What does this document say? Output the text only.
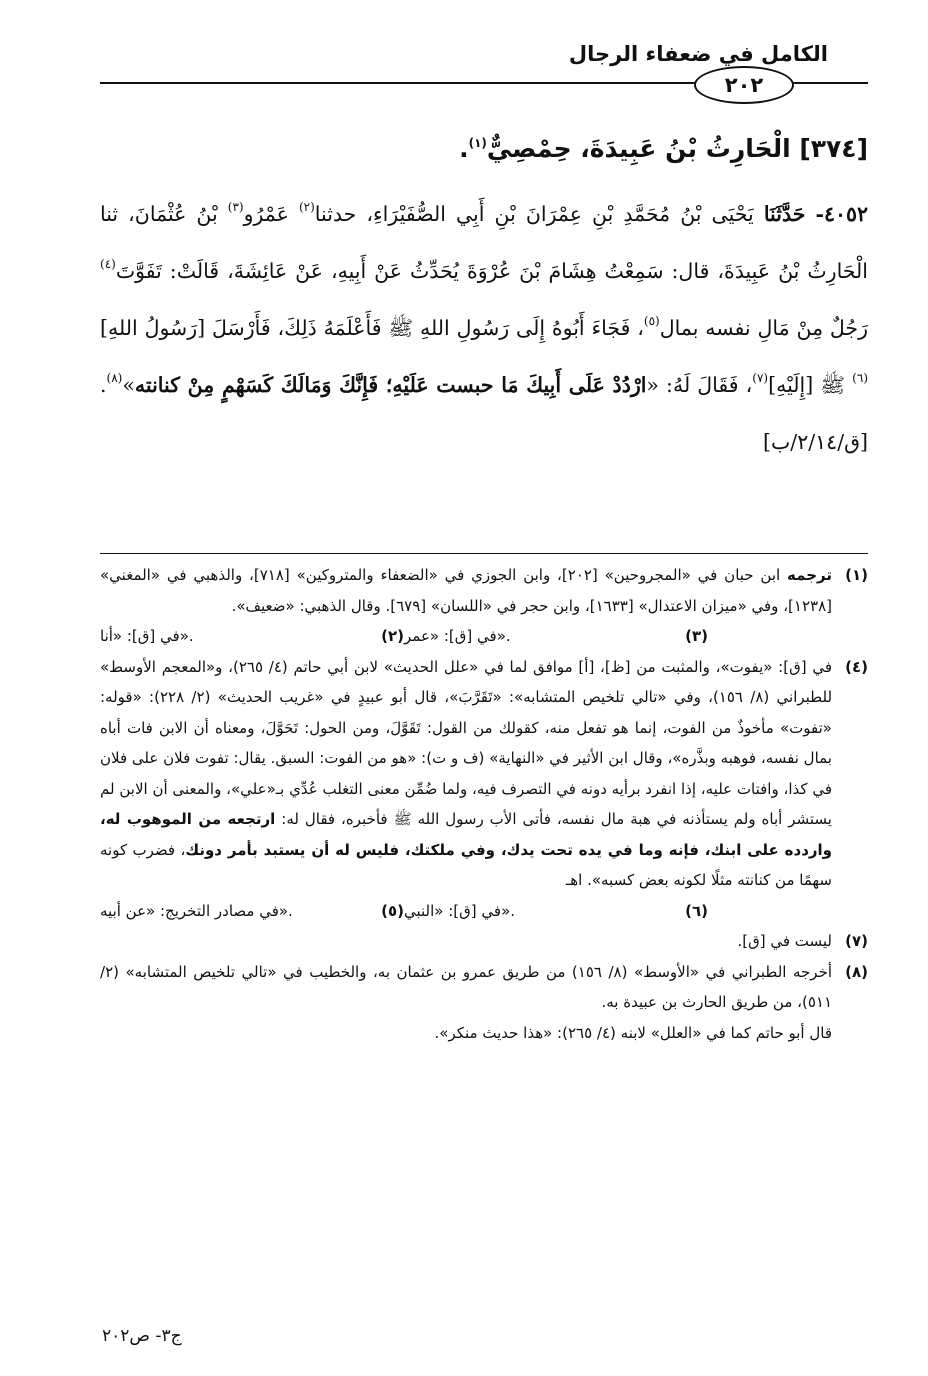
الكامل في ضعفاء الرجال
٢٠٢
[٣٧٤] الْحَارِثُ بْنُ عَبِيدَةَ، حِمْصِيٌّ$^{(١)}$.

٤٠٥٢- حَدَّثَنَا يَحْيَى بْنُ مُحَمَّدِ بْنِ عِمْرَانَ بْنِ أَبِي الصُّفَيْرَاءِ، حدثنا$^{(٢)}$ عَمْرُو$^{(٣)}$ بْنُ عُثْمَانَ، ثنا الْحَارِثُ بْنُ عَبِيدَةَ، قال: سَمِعْتُ هِشَامَ بْنَ عُرْوَةَ يُحَدِّثُ عَنْ أَبِيهِ، عَنْ عَائِشَةَ، قَالَتْ: تَفَوَّتَ$^{(٤)}$ رَجُلٌ مِنْ مَالِ نفسه بمال$^{(٥)}$، فَجَاءَ أَبُوهُ إِلَى رَسُولِ اللهِ ﷺ فَأَعْلَمَهُ ذَلِكَ، فَأَرْسَلَ [رَسُولُ اللهِ]$^{(٦)}$ ﷺ [إِلَيْهِ]$^{(٧)}$، فَقَالَ لَهُ: «ارْدُدْ عَلَى أَبِيكَ مَا حبست عَلَيْهِ؛ فَإِنَّكَ وَمَالَكَ كَسَهْمٍ مِنْ كنانته»$^{(٨)}$. [ق/٢/١٤/ب]

(١)
ترجمه ابن حبان في «المجروحين» [٢٠٢]، وابن الجوزي في «الضعفاء والمتروكين» [٧١٨]، والذهبي في «المغني» [١٢٣٨]، وفي «ميزان الاعتدال» [١٦٣٣]، وابن حجر في «اللسان» [٦٧٩]. وقال الذهبي: «ضعيف».
(٢)
في [ق]: «أنا».	(٣)
في [ق]: «عمر».
(٤)
في [ق]: «يفوت»، والمثبت من [ظ]، [أ] موافق لما في «علل الحديث» لابن أبي حاتم (٤/ ٢٦٥)، و«المعجم الأوسط» للطبراني (٨/ ١٥٦)، وفي «تالي تلخيص المتشابه»: «تَقَرَّبَ»، قال أبو عبيدٍ في «غريب الحديث» (٢/ ٢٢٨): «قوله: «تفوت» مأخوذٌ من الفوت، إنما هو تفعل منه، كقولك من القول: تَقَوَّلَ، ومن الحول: تَحَوَّلَ، ومعناه أن الابن فات أباه بمال نفسه، فوهبه وبذَّره»، وقال ابن الأثير في «النهاية» (ف و ت): «هو من الفوت: السبق. يقال: تفوت فلان على فلان في كذا، وافتات عليه، إذا انفرد برأيه دونه في التصرف فيه، ولما ضُمِّن معنى التغلب عُدِّي بـ«علي»، والمعنى أن الابن لم يستشر أباه ولم يستأذنه في هبة مال نفسه، فأتى الأب رسول الله ﷺ فأخبره، فقال له: ارتجعه من الموهوب له، واردده على ابنك، فإنه وما في يده تحت يدك، وفي ملكتك، فليس له أن يستبد بأمر دونك، فضرب كونه سهمًا من كنانته مثلًا لكونه بعض كسبه». اهـ
(٥)
في مصادر التخريج: «عن أبيه».	(٦)
في [ق]: «النبي».
(٧)
ليست في [ق].
(٨)
أخرجه الطبراني في «الأوسط» (٨/ ١٥٦) من طريق عمرو بن عثمان به، والخطيب في «تالي تلخيص المتشابه» (٢/ ٥١١)، من طريق الحارث بن عبيدة به.
قال أبو حاتم كما في «العلل» لابنه (٤/ ٢٦٥): «هذا حديث منكر».
ج٣- ص٢٠٢
